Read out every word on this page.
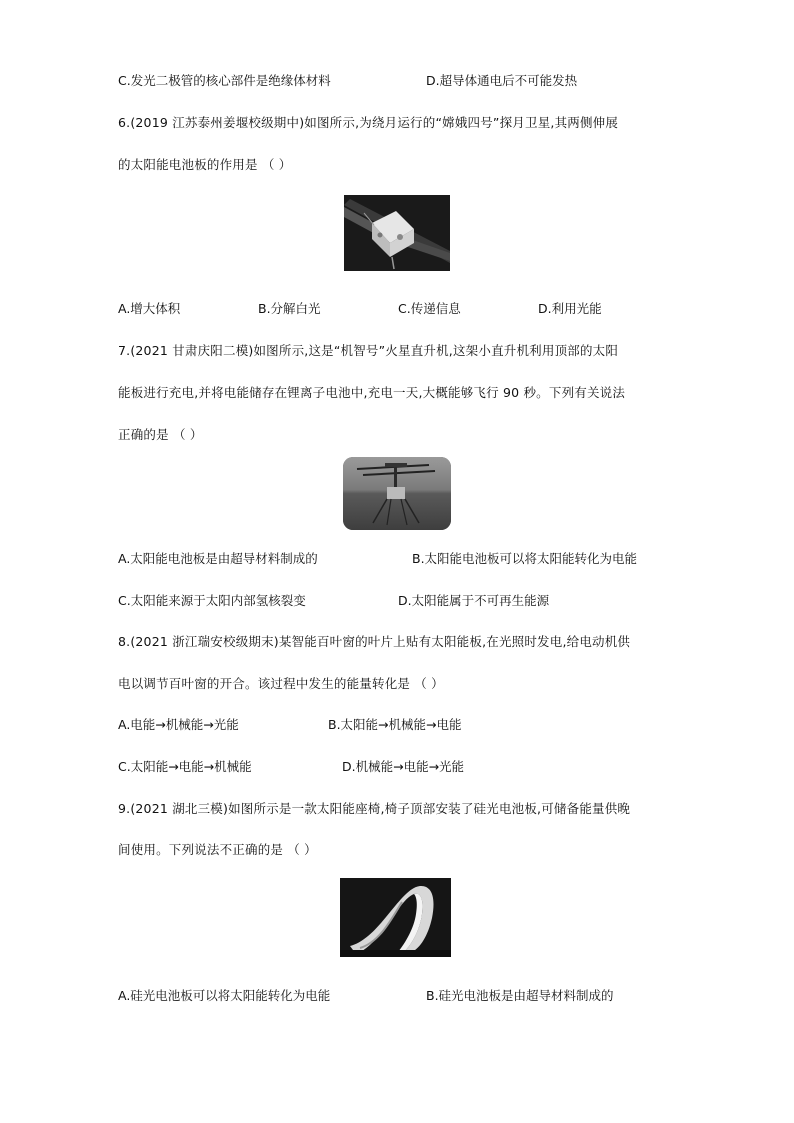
C.发光二极管的核心部件是绝缘体材料	D.超导体通电后不可能发热
6.(2019 江苏泰州姜堰校级期中)如图所示,为绕月运行的“嫦娥四号”探月卫星,其两侧伸展
的太阳能电池板的作用是 （ ）
A.增大体积	B.分解白光	C.传递信息	D.利用光能
7.(2021 甘肃庆阳二模)如图所示,这是“机智号”火星直升机,这架小直升机利用顶部的太阳
能板进行充电,并将电能储存在锂离子电池中,充电一天,大概能够飞行 90 秒。下列有关说法
正确的是 （ ）
A.太阳能电池板是由超导材料制成的	B.太阳能电池板可以将太阳能转化为电能
C.太阳能来源于太阳内部氢核裂变	D.太阳能属于不可再生能源
8.(2021 浙江瑞安校级期末)某智能百叶窗的叶片上贴有太阳能板,在光照时发电,给电动机供
电以调节百叶窗的开合。该过程中发生的能量转化是 （ ）
A.电能→机械能→光能	B.太阳能→机械能→电能
C.太阳能→电能→机械能	D.机械能→电能→光能
9.(2021 湖北三模)如图所示是一款太阳能座椅,椅子顶部安装了硅光电池板,可储备能量供晚
间使用。下列说法不正确的是 （ ）
A.硅光电池板可以将太阳能转化为电能	B.硅光电池板是由超导材料制成的
